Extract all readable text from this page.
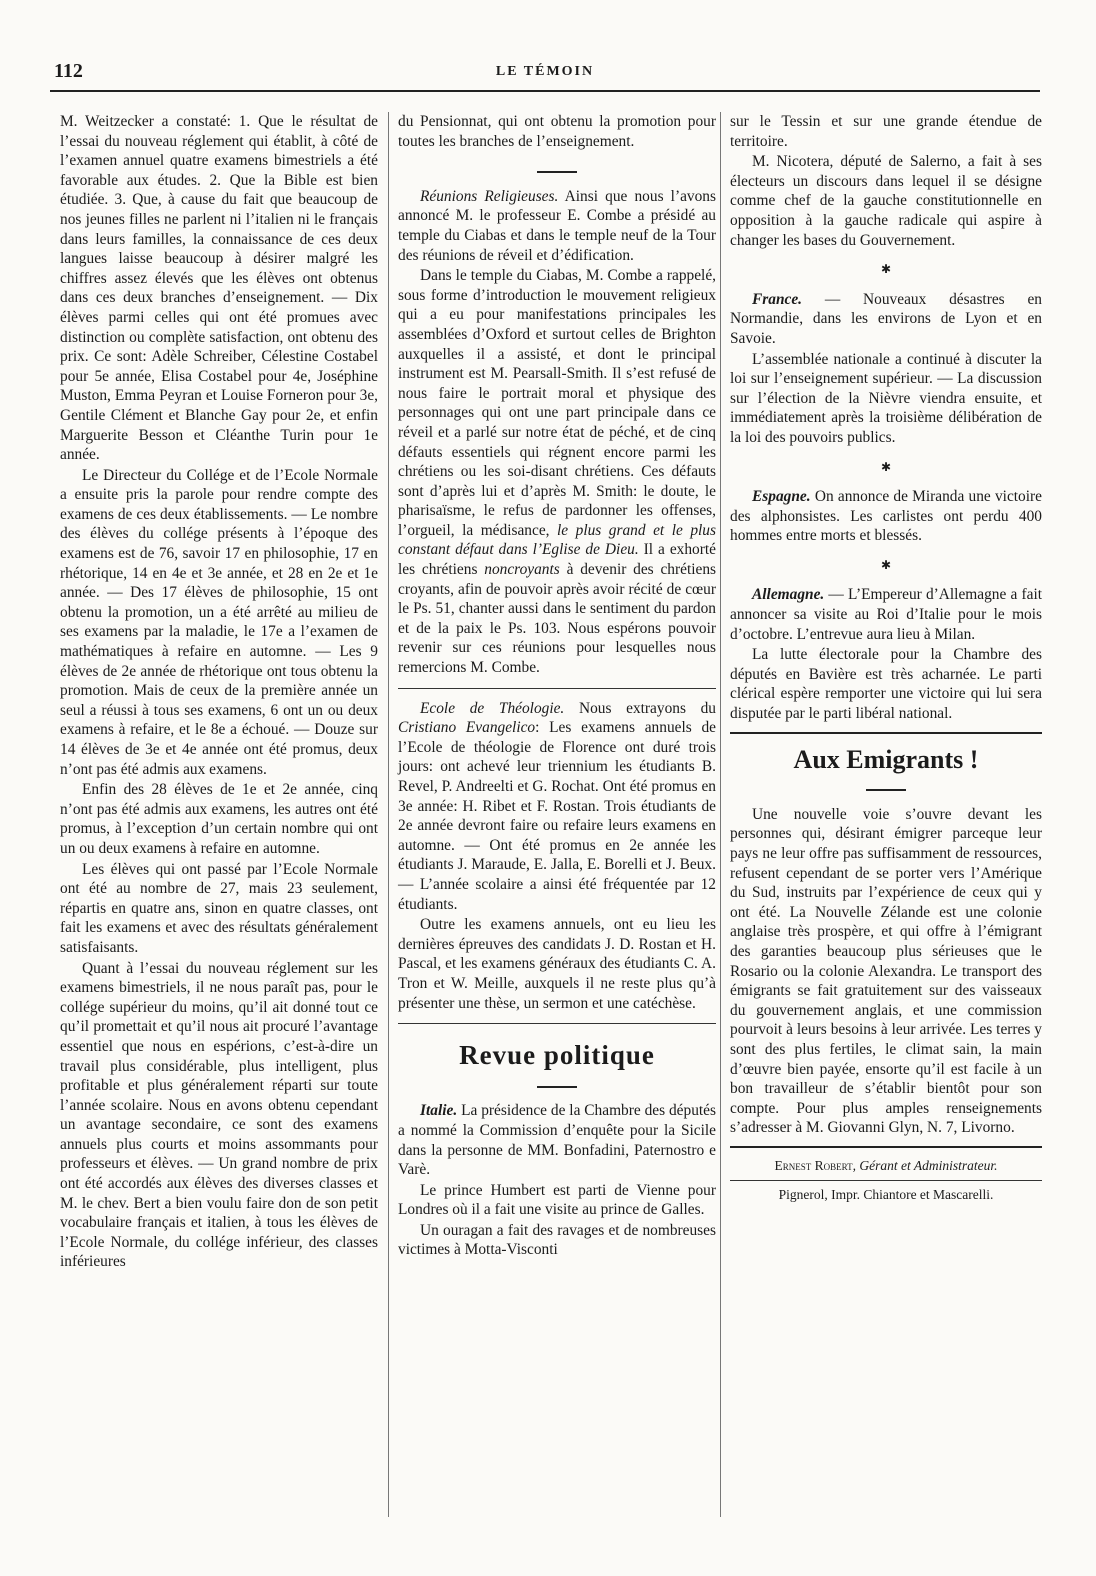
112	LE TÉMOIN

M. Weitzecker a constaté: 1. Que le résultat de l’essai du nouveau réglement qui établit, à côté de l’examen annuel quatre examens bimestriels a été favorable aux études. 2. Que la Bible est bien étudiée. 3. Que, à cause du fait que beaucoup de nos jeunes filles ne parlent ni l’italien ni le français dans leurs familles, la connaissance de ces deux langues laisse beaucoup à désirer malgré les chiffres assez élevés que les élèves ont obtenus dans ces deux branches d’enseignement. — Dix élèves parmi celles qui ont été promues avec distinction ou complète satisfaction, ont obtenu des prix. Ce sont: Adèle Schreiber, Célestine Costabel pour 5e année, Elisa Costabel pour 4e, Joséphine Muston, Emma Peyran et Louise Forneron pour 3e, Gentile Clément et Blanche Gay pour 2e, et enfin Marguerite Besson et Cléanthe Turin pour 1e année.

Le Directeur du Collége et de l’Ecole Normale a ensuite pris la parole pour rendre compte des examens de ces deux établissements. — Le nombre des élèves du collége présents à l’époque des examens est de 76, savoir 17 en philosophie, 17 en rhétorique, 14 en 4e et 3e année, et 28 en 2e et 1e année. — Des 17 élèves de philosophie, 15 ont obtenu la promotion, un a été arrêté au milieu de ses examens par la maladie, le 17e a l’examen de mathématiques à refaire en automne. — Les 9 élèves de 2e année de rhétorique ont tous obtenu la promotion. Mais de ceux de la première année un seul a réussi à tous ses examens, 6 ont un ou deux examens à refaire, et le 8e a échoué. — Douze sur 14 élèves de 3e et 4e année ont été promus, deux n’ont pas été admis aux examens.

Enfin des 28 élèves de 1e et 2e année, cinq n’ont pas été admis aux examens, les autres ont été promus, à l’exception d’un certain nombre qui ont un ou deux examens à refaire en automne.

Les élèves qui ont passé par l’Ecole Normale ont été au nombre de 27, mais 23 seulement, répartis en quatre ans, sinon en quatre classes, ont fait les examens et avec des résultats généralement satisfaisants.

Quant à l’essai du nouveau réglement sur les examens bimestriels, il ne nous paraît pas, pour le collége supérieur du moins, qu’il ait donné tout ce qu’il promettait et qu’il nous ait procuré l’avantage essentiel que nous en espérions, c’est-à-dire un travail plus considérable, plus intelligent, plus profitable et plus généralement réparti sur toute l’année scolaire. Nous en avons obtenu cependant un avantage secondaire, ce sont des examens annuels plus courts et moins assommants pour professeurs et élèves. — Un grand nombre de prix ont été accordés aux élèves des diverses classes et M. le chev. Bert a bien voulu faire don de son petit vocabulaire français et italien, à tous les élèves de l’Ecole Normale, du collége inférieur, des classes inférieures

du Pensionnat, qui ont obtenu la promotion pour toutes les branches de l’enseignement.

Réunions Religieuses. Ainsi que nous l’avons annoncé M. le professeur E. Combe a présidé au temple du Ciabas et dans le temple neuf de la Tour des réunions de réveil et d’édification.

Dans le temple du Ciabas, M. Combe a rappelé, sous forme d’introduction le mouvement religieux qui a eu pour manifestations principales les assemblées d’Oxford et surtout celles de Brighton auxquelles il a assisté, et dont le principal instrument est M. Pearsall-Smith. Il s’est refusé de nous faire le portrait moral et physique des personnages qui ont une part principale dans ce réveil et a parlé sur notre état de péché, et de cinq défauts essentiels qui régnent encore parmi les chrétiens ou les soi-disant chrétiens. Ces défauts sont d’après lui et d’après M. Smith: le doute, le pharisaïsme, le refus de pardonner les offenses, l’orgueil, la médisance, le plus grand et le plus constant défaut dans l’Eglise de Dieu. Il a exhorté les chrétiens noncroyants à devenir des chrétiens croyants, afin de pouvoir après avoir récité de cœur le Ps. 51, chanter aussi dans le sentiment du pardon et de la paix le Ps. 103. Nous espérons pouvoir revenir sur ces réunions pour lesquelles nous remercions M. Combe.

Ecole de Théologie. Nous extrayons du Cristiano Evangelico: Les examens annuels de l’Ecole de théologie de Florence ont duré trois jours: ont achevé leur triennium les étudiants B. Revel, P. Andreelti et G. Rochat. Ont été promus en 3e année: H. Ribet et F. Rostan. Trois étudiants de 2e année devront faire ou refaire leurs examens en automne. — Ont été promus en 2e année les étudiants J. Maraude, E. Jalla, E. Borelli et J. Beux. — L’année scolaire a ainsi été fréquentée par 12 étudiants.

Outre les examens annuels, ont eu lieu les dernières épreuves des candidats J. D. Rostan et H. Pascal, et les examens généraux des étudiants C. A. Tron et W. Meille, auxquels il ne reste plus qu’à présenter une thèse, un sermon et une catéchèse.

Revue politique

Italie. La présidence de la Chambre des députés a nommé la Commission d’enquête pour la Sicile dans la personne de MM. Bonfadini, Paternostro e Varè.

Le prince Humbert est parti de Vienne pour Londres où il a fait une visite au prince de Galles.

Un ouragan a fait des ravages et de nombreuses victimes à Motta-Visconti

sur le Tessin et sur une grande étendue de territoire.

M. Nicotera, député de Salerno, a fait à ses électeurs un discours dans lequel il se désigne comme chef de la gauche constitutionnelle en opposition à la gauche radicale qui aspire à changer les bases du Gouvernement.

✱

France. — Nouveaux désastres en Normandie, dans les environs de Lyon et en Savoie.

L’assemblée nationale a continué à discuter la loi sur l’enseignement supérieur. — La discussion sur l’élection de la Nièvre viendra ensuite, et immédiatement après la troisième délibération de la loi des pouvoirs publics.

✱

Espagne. On annonce de Miranda une victoire des alphonsistes. Les carlistes ont perdu 400 hommes entre morts et blessés.

✱

Allemagne. — L’Empereur d’Allemagne a fait annoncer sa visite au Roi d’Italie pour le mois d’octobre. L’entrevue aura lieu à Milan.

La lutte électorale pour la Chambre des députés en Bavière est très acharnée. Le parti clérical espère remporter une victoire qui lui sera disputée par le parti libéral national.

Aux Emigrants !

Une nouvelle voie s’ouvre devant les personnes qui, désirant émigrer parceque leur pays ne leur offre pas suffisamment de ressources, refusent cependant de se porter vers l’Amérique du Sud, instruits par l’expérience de ceux qui y ont été. La Nouvelle Zélande est une colonie anglaise très prospère, et qui offre à l’émigrant des garanties beaucoup plus sérieuses que le Rosario ou la colonie Alexandra. Le transport des émigrants se fait gratuitement sur des vaisseaux du gouvernement anglais, et une commission pourvoit à leurs besoins à leur arrivée. Les terres y sont des plus fertiles, le climat sain, la main d’œuvre bien payée, ensorte qu’il est facile à un bon travailleur de s’établir bientôt pour son compte. Pour plus amples renseignements s’adresser à M. Giovanni Glyn, N. 7, Livorno.

Ernest Robert, Gérant et Administrateur.

Pignerol, Impr. Chiantore et Mascarelli.
